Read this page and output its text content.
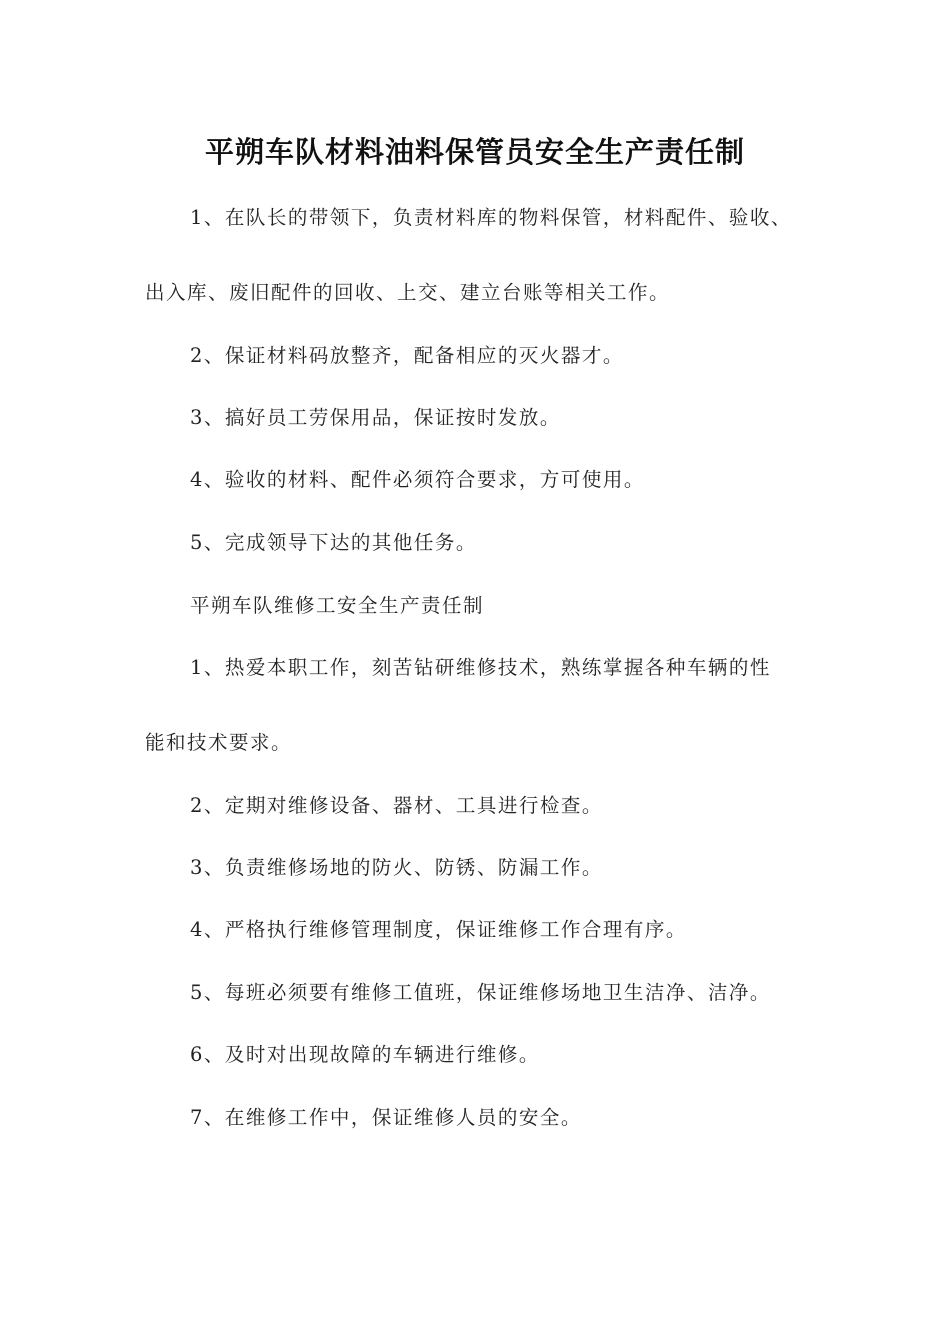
平朔车队材料油料保管员安全生产责任制
1、在队长的带领下，负责材料库的物料保管，材料配件、验收、
出入库、废旧配件的回收、上交、建立台账等相关工作。
2、保证材料码放整齐，配备相应的灭火器才。
3、搞好员工劳保用品，保证按时发放。
4、验收的材料、配件必须符合要求，方可使用。
5、完成领导下达的其他任务。
平朔车队维修工安全生产责任制
1、热爱本职工作，刻苦钻研维修技术，熟练掌握各种车辆的性
能和技术要求。
2、定期对维修设备、器材、工具进行检查。
3、负责维修场地的防火、防锈、防漏工作。
4、严格执行维修管理制度，保证维修工作合理有序。
5、每班必须要有维修工值班，保证维修场地卫生洁净、洁净。
6、及时对出现故障的车辆进行维修。
7、在维修工作中，保证维修人员的安全。
